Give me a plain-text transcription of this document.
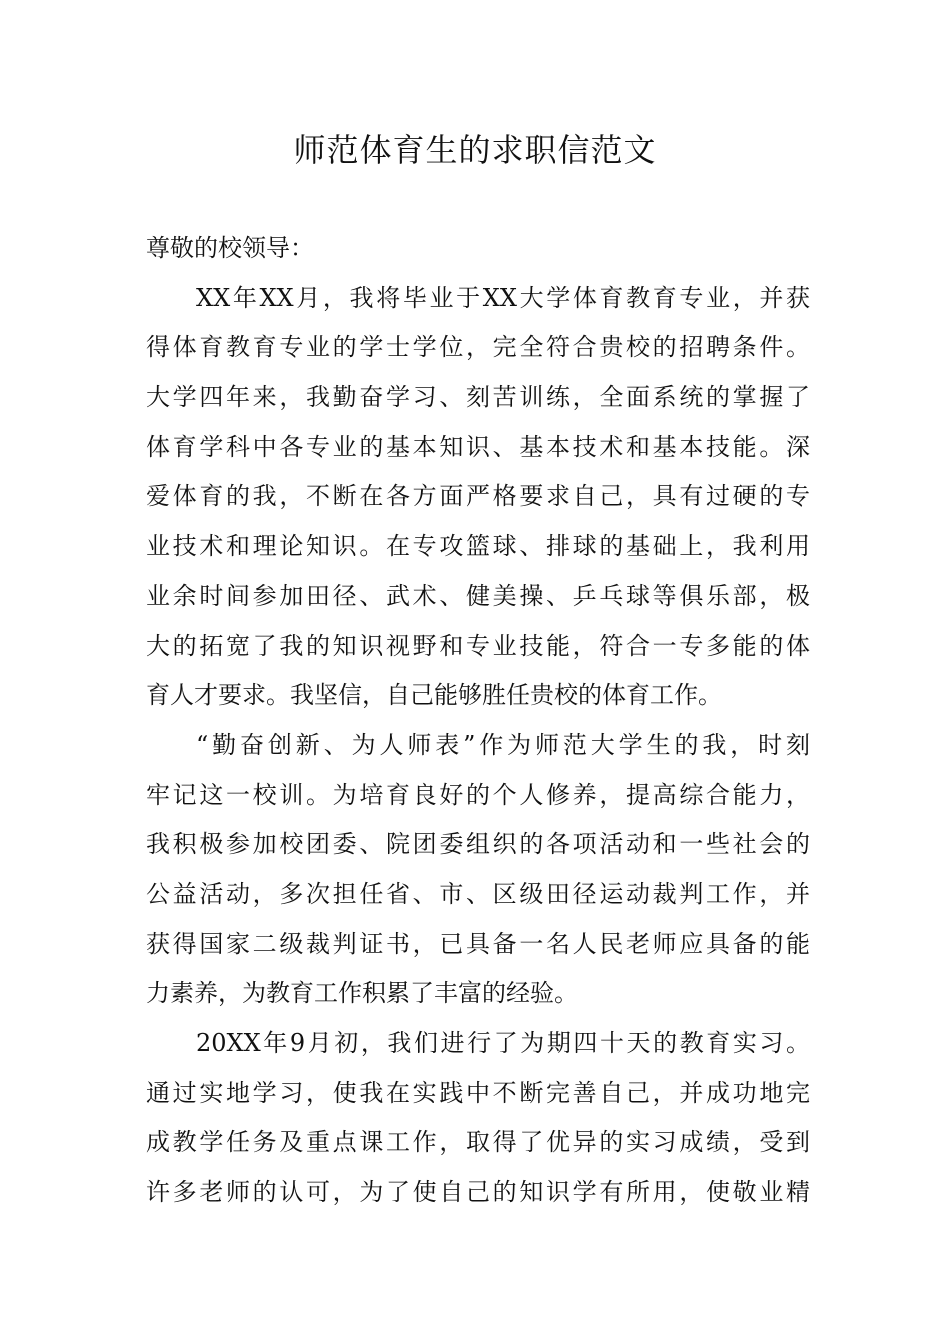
师范体育生的求职信范文
尊敬的校领导：
XX年XX月，我将毕业于XX大学体育教育专业，并获
得体育教育专业的学士学位，完全符合贵校的招聘条件。
大学四年来，我勤奋学习、刻苦训练，全面系统的掌握了
体育学科中各专业的基本知识、基本技术和基本技能。深
爱体育的我，不断在各方面严格要求自己，具有过硬的专
业技术和理论知识。在专攻篮球、排球的基础上，我利用
业余时间参加田径、武术、健美操、乒乓球等俱乐部，极
大的拓宽了我的知识视野和专业技能，符合一专多能的体
育人才要求。我坚信，自己能够胜任贵校的体育工作。
“勤奋创新、为人师表”作为师范大学生的我，时刻
牢记这一校训。为培育良好的个人修养，提高综合能力，
我积极参加校团委、院团委组织的各项活动和一些社会的
公益活动，多次担任省、市、区级田径运动裁判工作，并
获得国家二级裁判证书，已具备一名人民老师应具备的能
力素养，为教育工作积累了丰富的经验。
20XX年9月初，我们进行了为期四十天的教育实习。
通过实地学习，使我在实践中不断完善自己，并成功地完
成教学任务及重点课工作，取得了优异的实习成绩，受到
许多老师的认可，为了使自己的知识学有所用，使敬业精
